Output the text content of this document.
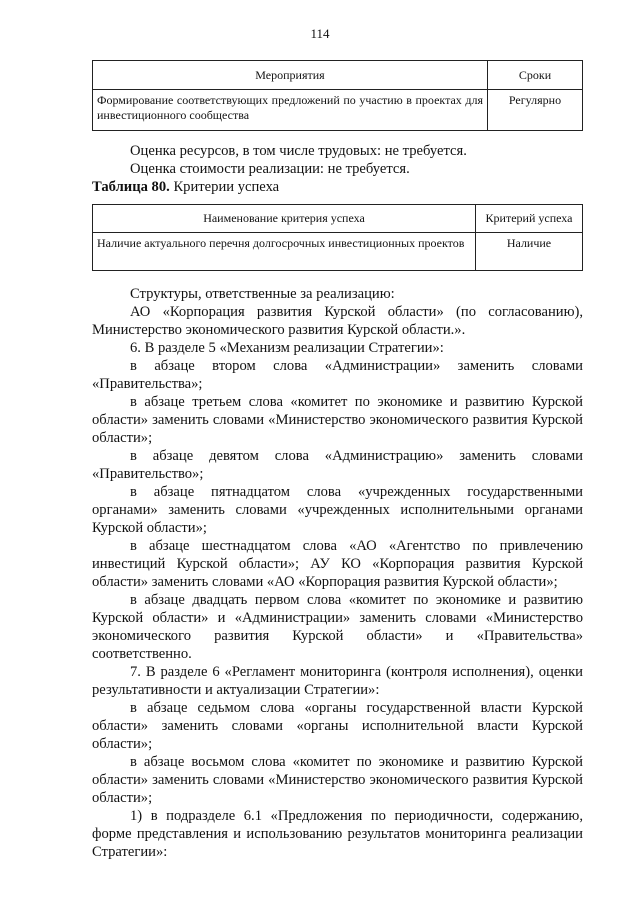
114
Мероприятия	Сроки
Формирование соответствующих предложений по участию в проектах для инвестиционного сообщества	Регулярно

Оценка ресурсов, в том числе трудовых: не требуется.

Оценка стоимости реализации: не требуется.

Таблица 80. Критерии успеха

Наименование критерия успеха	Критерий успеха
Наличие актуального перечня долгосрочных инвестиционных проектов	Наличие

Структуры, ответственные за реализацию:

АО «Корпорация развития Курской области» (по согласованию), Министерство экономического развития Курской области.».

6. В разделе 5 «Механизм реализации Стратегии»:

в абзаце втором слова «Администрации» заменить словами «Правительства»;

в абзаце третьем слова «комитет по экономике и развитию Курской области» заменить словами «Министерство экономического развития Курской области»;

в абзаце девятом слова «Администрацию» заменить словами «Правительство»;

в абзаце пятнадцатом слова «учрежденных государственными органами» заменить словами «учрежденных исполнительными органами Курской области»;

в абзаце шестнадцатом слова «АО «Агентство по привлечению инвестиций Курской области»; АУ КО «Корпорация развития Курской области» заменить словами «АО «Корпорация развития Курской области»;

в абзаце двадцать первом слова «комитет по экономике и развитию Курской области» и «Администрации» заменить словами «Министерство экономического развития Курской области» и «Правительства» соответственно.

7. В разделе 6 «Регламент мониторинга (контроля исполнения), оценки результативности и актуализации Стратегии»:

в абзаце седьмом слова «органы государственной власти Курской области» заменить словами «органы исполнительной власти Курской области»;

в абзаце восьмом слова «комитет по экономике и развитию Курской области» заменить словами «Министерство экономического развития Курской области»;

1) в подразделе 6.1 «Предложения по периодичности, содержанию, форме представления и использованию результатов мониторинга реализации Стратегии»:
